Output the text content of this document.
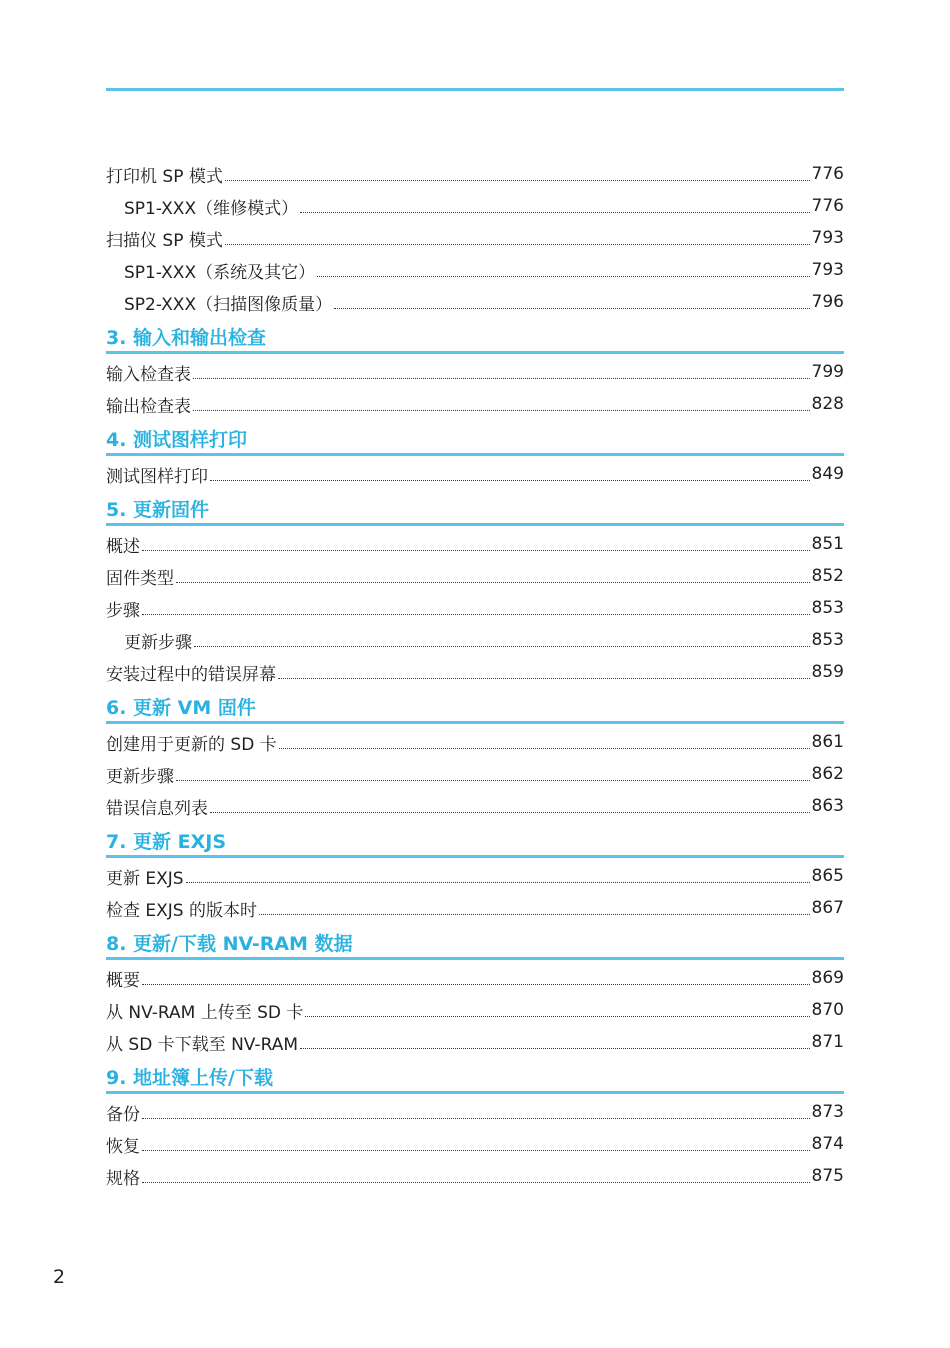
打印机 SP 模式	776
SP1-XXX（维修模式）	776
扫描仪 SP 模式	793
SP1-XXX（系统及其它）	793
SP2-XXX（扫描图像质量）	796
3. 输入和输出检查
输入检查表	799
输出检查表	828
4. 测试图样打印
测试图样打印	849
5. 更新固件
概述	851
固件类型	852
步骤	853
更新步骤	853
安装过程中的错误屏幕	859
6. 更新 VM 固件
创建用于更新的 SD 卡	861
更新步骤	862
错误信息列表	863
7. 更新 EXJS
更新 EXJS	865
检查 EXJS 的版本时	867
8. 更新/下载 NV-RAM 数据
概要	869
从 NV-RAM 上传至 SD 卡	870
从 SD 卡下载至 NV-RAM	871
9. 地址簿上传/下载
备份	873
恢复	874
规格	875
2
